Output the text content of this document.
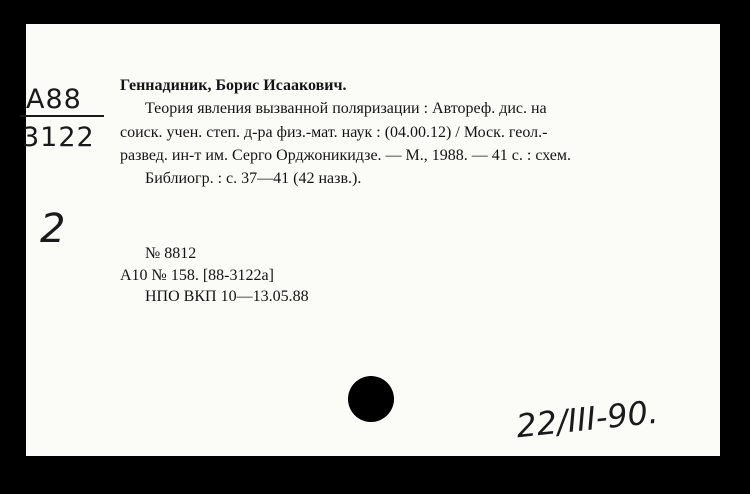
A88
3122
Геннадиник, Борис Исаакович.
Теория явления вызванной поляризации : Автореф. дис. на
соиск. учен. степ. д-ра физ.-мат. наук : (04.00.12) / Моск. геол.-
развед. ин-т им. Серго Орджоникидзе. — М., 1988. — 41 с. : схем.
Библиогр. : с. 37—41 (42 назв.).
2
№ 8812
А10 № 158. [88-3122а]
НПО ВКП 10—13.05.88
22/III-90.
